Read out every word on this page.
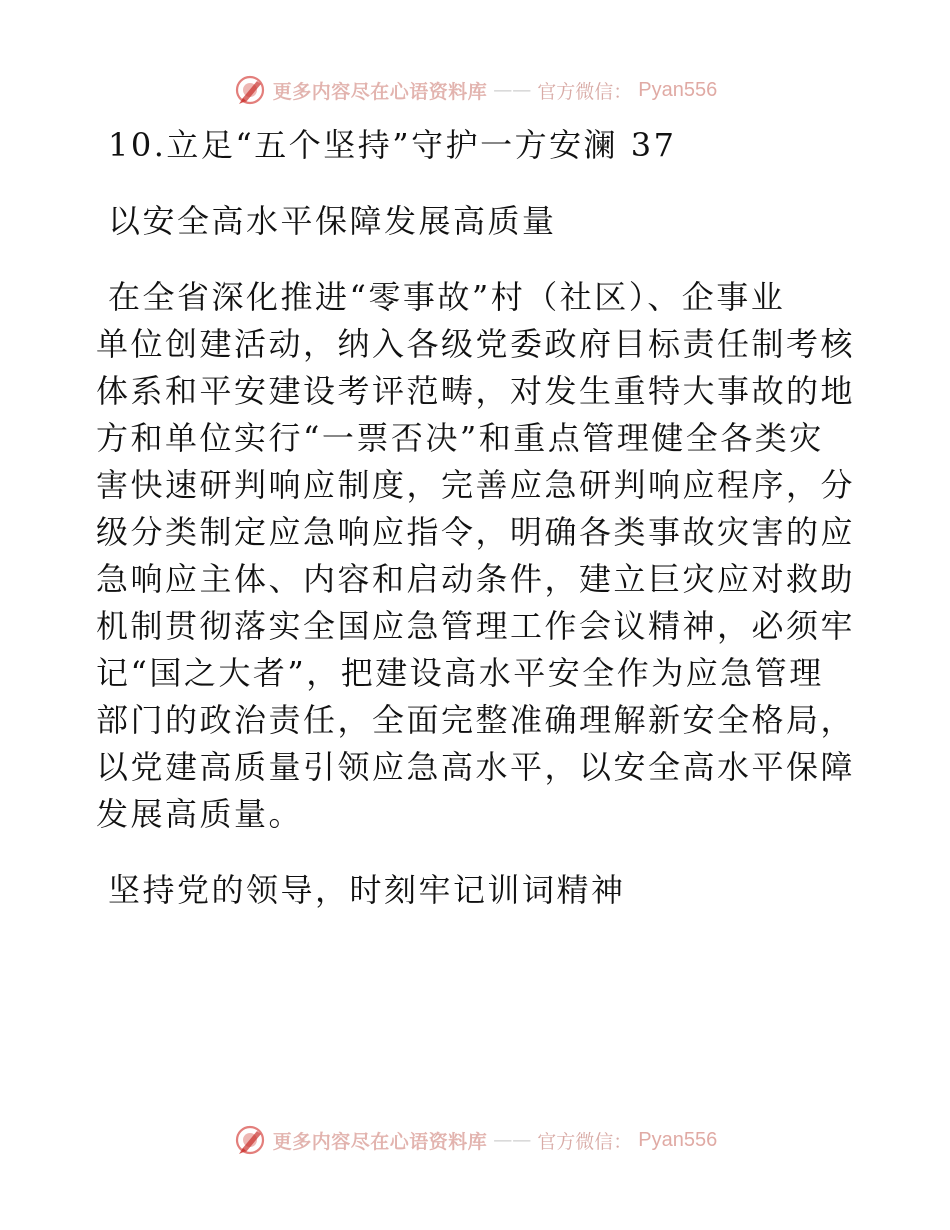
更多内容尽在心语资料库 —— 官方微信： Pyan556
10.立足“五个坚持”守护一方安澜 37
以安全高水平保障发展高质量
在全省深化推进“零事故”村（社区）、企事业
单位创建活动，纳入各级党委政府目标责任制考核
体系和平安建设考评范畴，对发生重特大事故的地
方和单位实行“一票否决”和重点管理健全各类灾
害快速研判响应制度，完善应急研判响应程序，分
级分类制定应急响应指令，明确各类事故灾害的应
急响应主体、内容和启动条件，建立巨灾应对救助
机制贯彻落实全国应急管理工作会议精神，必须牢
记“国之大者”，把建设高水平安全作为应急管理
部门的政治责任，全面完整准确理解新安全格局，
以党建高质量引领应急高水平，以安全高水平保障
发展高质量。
坚持党的领导，时刻牢记训词精神
更多内容尽在心语资料库 —— 官方微信： Pyan556
